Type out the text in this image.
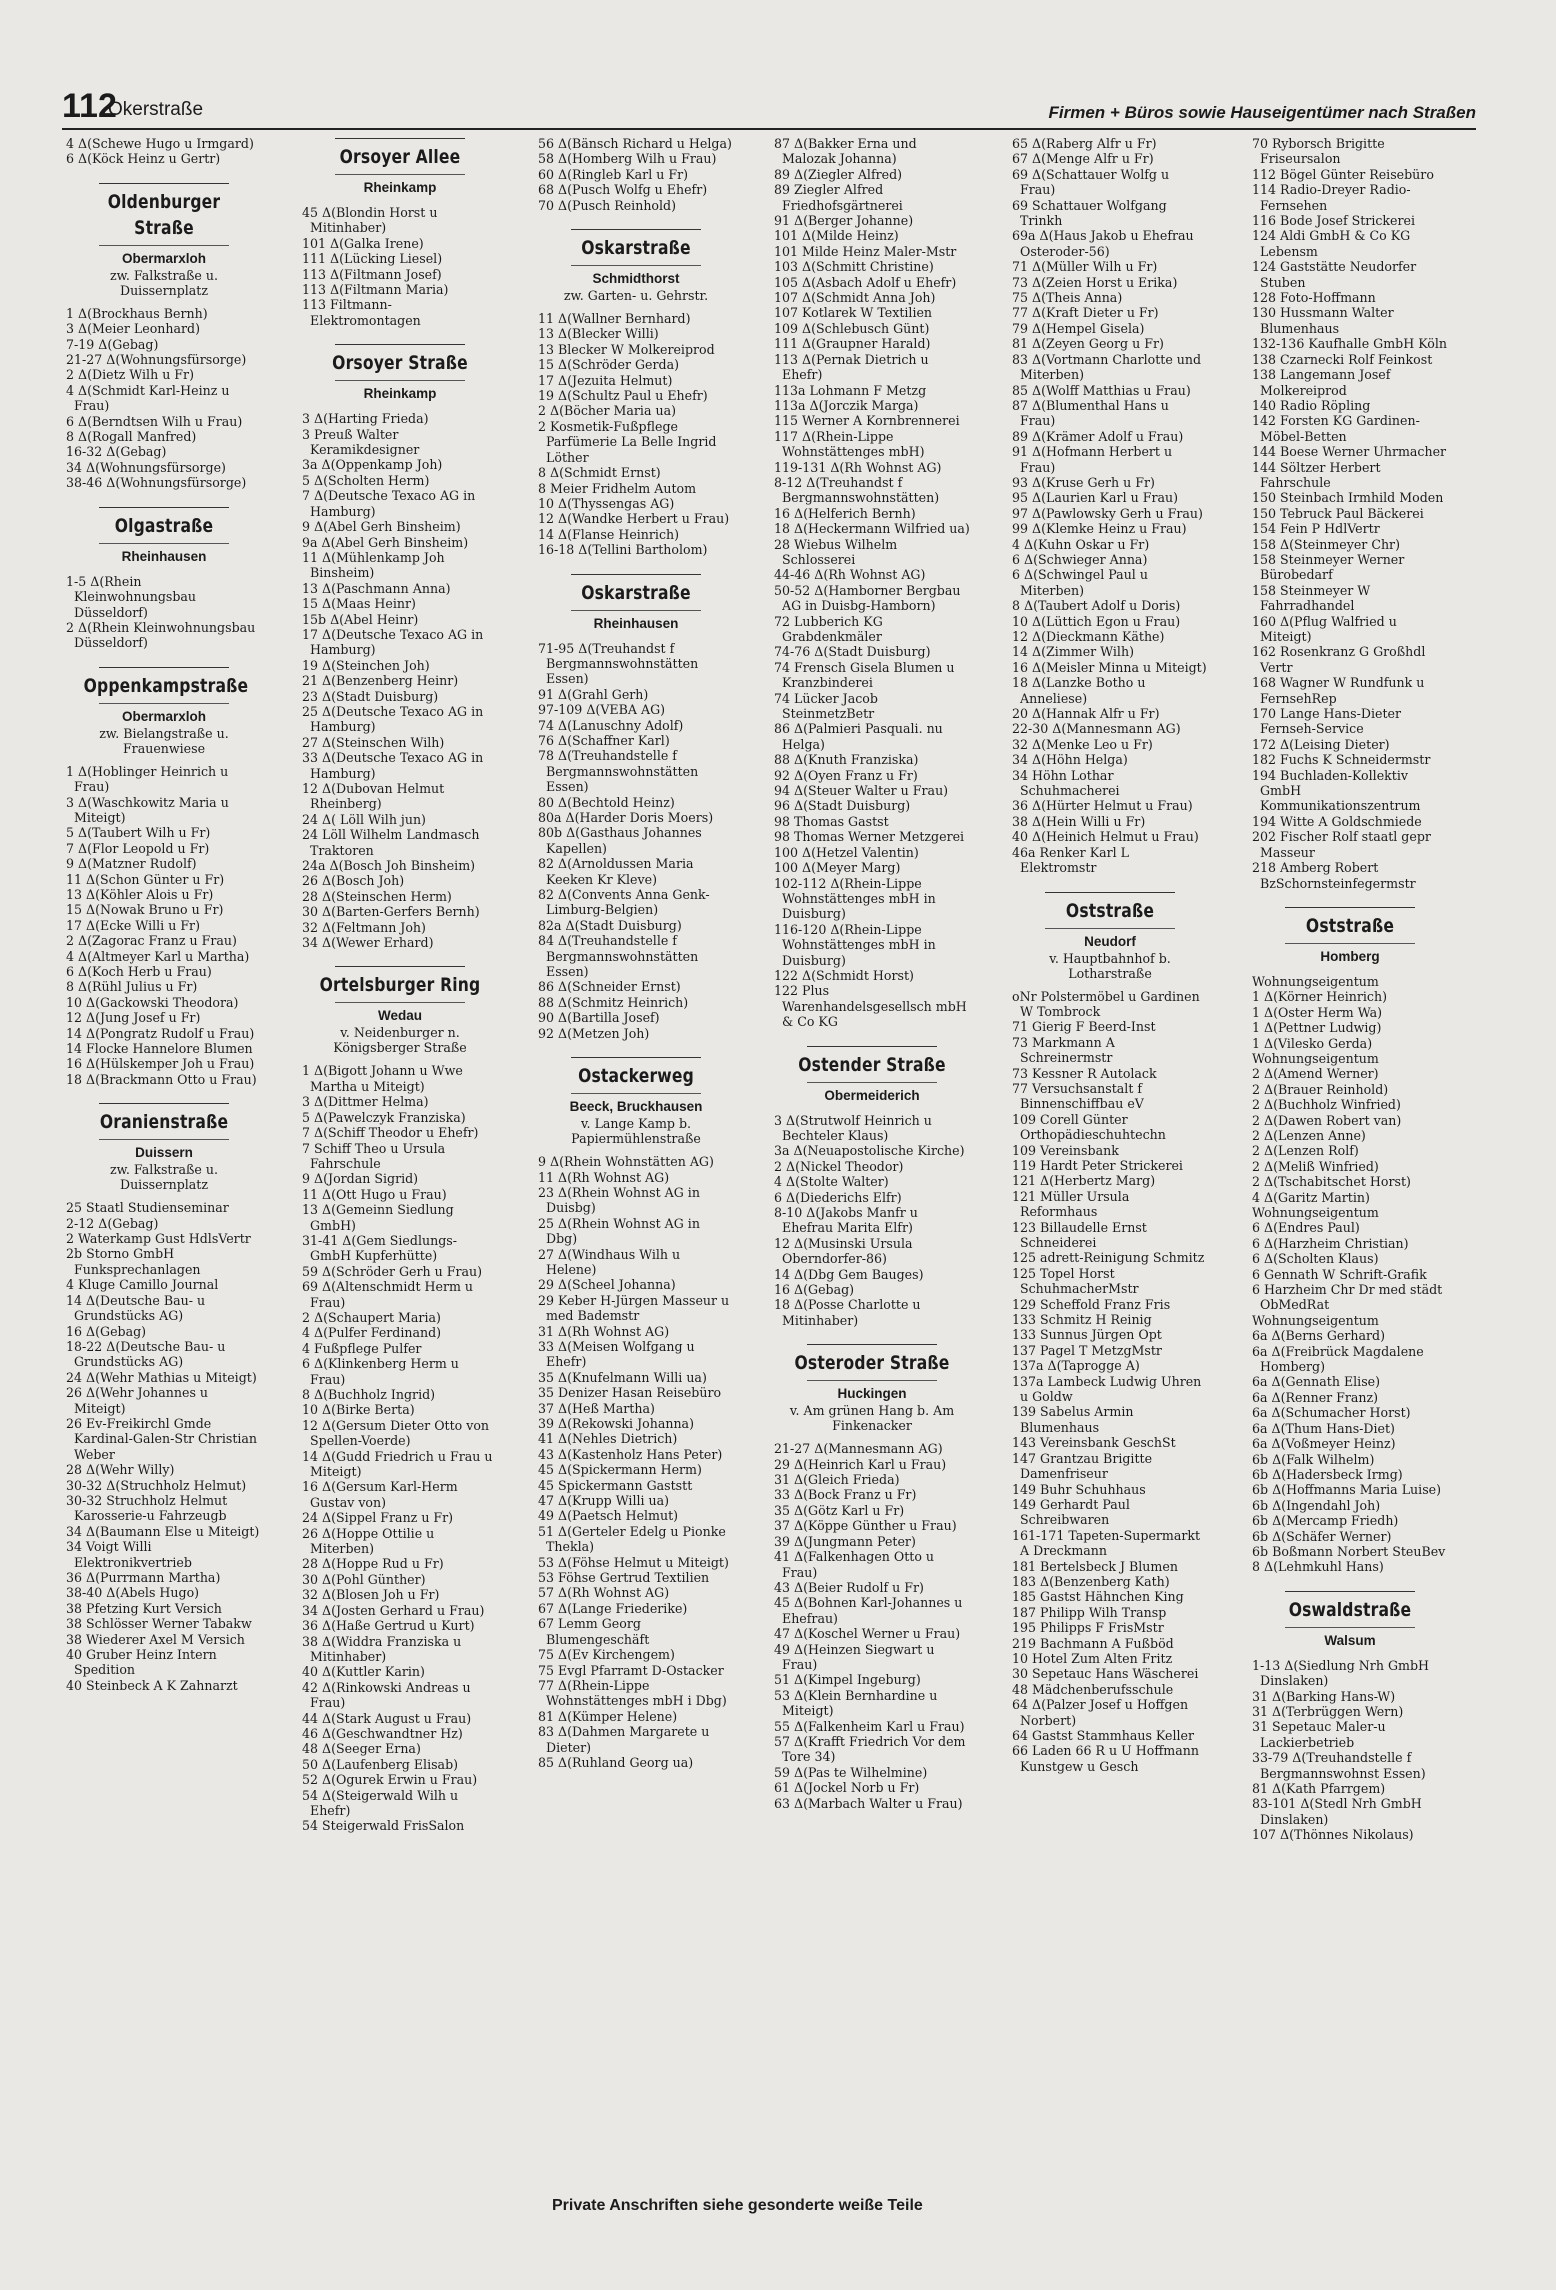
112
Okerstraße	Firmen + Büros sowie Hauseigentümer nach Straßen

4 Δ(Schewe Hugo u Irmgard)

6 Δ(Köck Heinz u Gertr)

Oldenburger Straße
Obermarxloh
zw. Falkstraße u. Duissernplatz

1 Δ(Brockhaus Bernh)

3 Δ(Meier Leonhard)

7-19 Δ(Gebag)

21-27 Δ(Wohnungsfürsorge)

2 Δ(Dietz Wilh u Fr)

4 Δ(Schmidt Karl-Heinz u Frau)

6 Δ(Berndtsen Wilh u Frau)

8 Δ(Rogall Manfred)

16-32 Δ(Gebag)

34 Δ(Wohnungsfürsorge)

38-46 Δ(Wohnungsfürsorge)

Olgastraße
Rheinhausen

1-5 Δ(Rhein Kleinwohnungsbau Düsseldorf)

2 Δ(Rhein Kleinwohnungsbau Düsseldorf)

Oppenkampstraße
Obermarxloh
zw. Bielangstraße u. Frauenwiese

1 Δ(Hoblinger Heinrich u Frau)

3 Δ(Waschkowitz Maria u Miteigt)

5 Δ(Taubert Wilh u Fr)

7 Δ(Flor Leopold u Fr)

9 Δ(Matzner Rudolf)

11 Δ(Schon Günter u Fr)

13 Δ(Köhler Alois u Fr)

15 Δ(Nowak Bruno u Fr)

17 Δ(Ecke Willi u Fr)

2 Δ(Zagorac Franz u Frau)

4 Δ(Altmeyer Karl u Martha)

6 Δ(Koch Herb u Frau)

8 Δ(Rühl Julius u Fr)

10 Δ(Gackowski Theodora)

12 Δ(Jung Josef u Fr)

14 Δ(Pongratz Rudolf u Frau)

14 Flocke Hannelore Blumen

16 Δ(Hülskemper Joh u Frau)

18 Δ(Brackmann Otto u Frau)

Oranienstraße
Duissern
zw. Falkstraße u. Duissernplatz

25 Staatl Studienseminar

2-12 Δ(Gebag)

2 Waterkamp Gust HdlsVertr

2b Storno GmbH Funksprechanlagen

4 Kluge Camillo Journal

14 Δ(Deutsche Bau- u Grundstücks AG)

16 Δ(Gebag)

18-22 Δ(Deutsche Bau- u Grundstücks AG)

24 Δ(Wehr Mathias u Miteigt)

26 Δ(Wehr Johannes u Miteigt)

26 Ev-Freikirchl Gmde Kardinal-Galen-Str Christian Weber

28 Δ(Wehr Willy)

30-32 Δ(Struchholz Helmut)

30-32 Struchholz Helmut Karosserie-u Fahrzeugb

34 Δ(Baumann Else u Miteigt)

34 Voigt Willi Elektronikvertrieb

36 Δ(Purrmann Martha)

38-40 Δ(Abels Hugo)

38 Pfetzing Kurt Versich

38 Schlösser Werner Tabakw

38 Wiederer Axel M Versich

40 Gruber Heinz Intern Spedition

40 Steinbeck A K Zahnarzt

Orsoyer Allee
Rheinkamp

45 Δ(Blondin Horst u Mitinhaber)

101 Δ(Galka Irene)

111 Δ(Lücking Liesel)

113 Δ(Filtmann Josef)

113 Δ(Filtmann Maria)

113 Filtmann-Elektromontagen

Orsoyer Straße
Rheinkamp

3 Δ(Harting Frieda)

3 Preuß Walter Keramikdesigner

3a Δ(Oppenkamp Joh)

5 Δ(Scholten Herm)

7 Δ(Deutsche Texaco AG in Hamburg)

9 Δ(Abel Gerh Binsheim)

9a Δ(Abel Gerh Binsheim)

11 Δ(Mühlenkamp Joh Binsheim)

13 Δ(Paschmann Anna)

15 Δ(Maas Heinr)

15b Δ(Abel Heinr)

17 Δ(Deutsche Texaco AG in Hamburg)

19 Δ(Steinchen Joh)

21 Δ(Benzenberg Heinr)

23 Δ(Stadt Duisburg)

25 Δ(Deutsche Texaco AG in Hamburg)

27 Δ(Steinschen Wilh)

33 Δ(Deutsche Texaco AG in Hamburg)

12 Δ(Dubovan Helmut Rheinberg)

24 Δ( Löll Wilh jun)

24 Löll Wilhelm Landmasch Traktoren

24a Δ(Bosch Joh Binsheim)

26 Δ(Bosch Joh)

28 Δ(Steinschen Herm)

30 Δ(Barten-Gerfers Bernh)

32 Δ(Feltmann Joh)

34 Δ(Wewer Erhard)

Ortelsburger Ring
Wedau
v. Neidenburger n. Königsberger Straße

1 Δ(Bigott Johann u Wwe Martha u Miteigt)

3 Δ(Dittmer Helma)

5 Δ(Pawelczyk Franziska)

7 Δ(Schiff Theodor u Ehefr)

7 Schiff Theo u Ursula Fahrschule

9 Δ(Jordan Sigrid)

11 Δ(Ott Hugo u Frau)

13 Δ(Gemeinn Siedlung GmbH)

31-41 Δ(Gem Siedlungs-GmbH Kupferhütte)

59 Δ(Schröder Gerh u Frau)

69 Δ(Altenschmidt Herm u Frau)

2 Δ(Schaupert Maria)

4 Δ(Pulfer Ferdinand)

4 Fußpflege Pulfer

6 Δ(Klinkenberg Herm u Frau)

8 Δ(Buchholz Ingrid)

10 Δ(Birke Berta)

12 Δ(Gersum Dieter Otto von Spellen-Voerde)

14 Δ(Gudd Friedrich u Frau u Miteigt)

16 Δ(Gersum Karl-Herm Gustav von)

24 Δ(Sippel Franz u Fr)

26 Δ(Hoppe Ottilie u Miterben)

28 Δ(Hoppe Rud u Fr)

30 Δ(Pohl Günther)

32 Δ(Blosen Joh u Fr)

34 Δ(Josten Gerhard u Frau)

36 Δ(Haße Gertrud u Kurt)

38 Δ(Widdra Franziska u Mitinhaber)

40 Δ(Kuttler Karin)

42 Δ(Rinkowski Andreas u Frau)

44 Δ(Stark August u Frau)

46 Δ(Geschwandtner Hz)

48 Δ(Seeger Erna)

50 Δ(Laufenberg Elisab)

52 Δ(Ogurek Erwin u Frau)

54 Δ(Steigerwald Wilh u Ehefr)

54 Steigerwald FrisSalon

56 Δ(Bänsch Richard u Helga)

58 Δ(Homberg Wilh u Frau)

60 Δ(Ringleb Karl u Fr)

68 Δ(Pusch Wolfg u Ehefr)

70 Δ(Pusch Reinhold)

Oskarstraße
Schmidthorst
zw. Garten- u. Gehrstr.

11 Δ(Wallner Bernhard)

13 Δ(Blecker Willi)

13 Blecker W Molkereiprod

15 Δ(Schröder Gerda)

17 Δ(Jezuita Helmut)

19 Δ(Schultz Paul u Ehefr)

2 Δ(Böcher Maria ua)

2 Kosmetik-Fußpflege Parfümerie La Belle Ingrid Löther

8 Δ(Schmidt Ernst)

8 Meier Fridhelm Autom

10 Δ(Thyssengas AG)

12 Δ(Wandke Herbert u Frau)

14 Δ(Flanse Heinrich)

16-18 Δ(Tellini Bartholom)

Oskarstraße
Rheinhausen

71-95 Δ(Treuhandst f Bergmannswohnstätten Essen)

91 Δ(Grahl Gerh)

97-109 Δ(VEBA AG)

74 Δ(Lanuschny Adolf)

76 Δ(Schaffner Karl)

78 Δ(Treuhandstelle f Bergmannswohnstätten Essen)

80 Δ(Bechtold Heinz)

80a Δ(Harder Doris Moers)

80b Δ(Gasthaus Johannes Kapellen)

82 Δ(Arnoldussen Maria Keeken Kr Kleve)

82 Δ(Convents Anna Genk-Limburg-Belgien)

82a Δ(Stadt Duisburg)

84 Δ(Treuhandstelle f Bergmannswohnstätten Essen)

86 Δ(Schneider Ernst)

88 Δ(Schmitz Heinrich)

90 Δ(Bartilla Josef)

92 Δ(Metzen Joh)

Ostackerweg
Beeck, Bruckhausen
v. Lange Kamp b. Papiermühlenstraße

9 Δ(Rhein Wohnstätten AG)

11 Δ(Rh Wohnst AG)

23 Δ(Rhein Wohnst AG in Duisbg)

25 Δ(Rhein Wohnst AG in Dbg)

27 Δ(Windhaus Wilh u Helene)

29 Δ(Scheel Johanna)

29 Keber H-Jürgen Masseur u med Bademstr

31 Δ(Rh Wohnst AG)

33 Δ(Meisen Wolfgang u Ehefr)

35 Δ(Knufelmann Willi ua)

35 Denizer Hasan Reisebüro

37 Δ(Heß Martha)

39 Δ(Rekowski Johanna)

41 Δ(Nehles Dietrich)

43 Δ(Kastenholz Hans Peter)

45 Δ(Spickermann Herm)

45 Spickermann Gaststt

47 Δ(Krupp Willi ua)

49 Δ(Paetsch Helmut)

51 Δ(Gerteler Edelg u Pionke Thekla)

53 Δ(Föhse Helmut u Miteigt)

53 Föhse Gertrud Textilien

57 Δ(Rh Wohnst AG)

67 Δ(Lange Friederike)

67 Lemm Georg Blumengeschäft

75 Δ(Ev Kirchengem)

75 Evgl Pfarramt D-Ostacker

77 Δ(Rhein-Lippe Wohnstättenges mbH i Dbg)

81 Δ(Kümper Helene)

83 Δ(Dahmen Margarete u Dieter)

85 Δ(Ruhland Georg ua)

87 Δ(Bakker Erna und Malozak Johanna)

89 Δ(Ziegler Alfred)

89 Ziegler Alfred Friedhofsgärtnerei

91 Δ(Berger Johanne)

101 Δ(Milde Heinz)

101 Milde Heinz Maler-Mstr

103 Δ(Schmitt Christine)

105 Δ(Asbach Adolf u Ehefr)

107 Δ(Schmidt Anna Joh)

107 Kotlarek W Textilien

109 Δ(Schlebusch Günt)

111 Δ(Graupner Harald)

113 Δ(Pernak Dietrich u Ehefr)

113a Lohmann F Metzg

113a Δ(Jorczik Marga)

115 Werner A Kornbrennerei

117 Δ(Rhein-Lippe Wohnstättenges mbH)

119-131 Δ(Rh Wohnst AG)

8-12 Δ(Treuhandst f Bergmannswohnstätten)

16 Δ(Helferich Bernh)

18 Δ(Heckermann Wilfried ua)

28 Wiebus Wilhelm Schlosserei

44-46 Δ(Rh Wohnst AG)

50-52 Δ(Hamborner Bergbau AG in Duisbg-Hamborn)

72 Lubberich KG Grabdenkmäler

74-76 Δ(Stadt Duisburg)

74 Frensch Gisela Blumen u Kranzbinderei

74 Lücker Jacob SteinmetzBetr

86 Δ(Palmieri Pasquali. nu Helga)

88 Δ(Knuth Franziska)

92 Δ(Oyen Franz u Fr)

94 Δ(Steuer Walter u Frau)

96 Δ(Stadt Duisburg)

98 Thomas Gastst

98 Thomas Werner Metzgerei

100 Δ(Hetzel Valentin)

100 Δ(Meyer Marg)

102-112 Δ(Rhein-Lippe Wohnstättenges mbH in Duisburg)

116-120 Δ(Rhein-Lippe Wohnstättenges mbH in Duisburg)

122 Δ(Schmidt Horst)

122 Plus Warenhandelsgesellsch mbH & Co KG

Ostender Straße
Obermeiderich

3 Δ(Strutwolf Heinrich u Bechteler Klaus)

3a Δ(Neuapostolische Kirche)

2 Δ(Nickel Theodor)

4 Δ(Stolte Walter)

6 Δ(Diederichs Elfr)

8-10 Δ(Jakobs Manfr u Ehefrau Marita Elfr)

12 Δ(Musinski Ursula Oberndorfer-86)

14 Δ(Dbg Gem Bauges)

16 Δ(Gebag)

18 Δ(Posse Charlotte u Mitinhaber)

Osteroder Straße
Huckingen
v. Am grünen Hang b. Am Finkenacker

21-27 Δ(Mannesmann AG)

29 Δ(Heinrich Karl u Frau)

31 Δ(Gleich Frieda)

33 Δ(Bock Franz u Fr)

35 Δ(Götz Karl u Fr)

37 Δ(Köppe Günther u Frau)

39 Δ(Jungmann Peter)

41 Δ(Falkenhagen Otto u Frau)

43 Δ(Beier Rudolf u Fr)

45 Δ(Bohnen Karl-Johannes u Ehefrau)

47 Δ(Koschel Werner u Frau)

49 Δ(Heinzen Siegwart u Frau)

51 Δ(Kimpel Ingeburg)

53 Δ(Klein Bernhardine u Miteigt)

55 Δ(Falkenheim Karl u Frau)

57 Δ(Krafft Friedrich Vor dem Tore 34)

59 Δ(Pas te Wilhelmine)

61 Δ(Jockel Norb u Fr)

63 Δ(Marbach Walter u Frau)

65 Δ(Raberg Alfr u Fr)

67 Δ(Menge Alfr u Fr)

69 Δ(Schattauer Wolfg u Frau)

69 Schattauer Wolfgang Trinkh

69a Δ(Haus Jakob u Ehefrau Osteroder-56)

71 Δ(Müller Wilh u Fr)

73 Δ(Zeien Horst u Erika)

75 Δ(Theis Anna)

77 Δ(Kraft Dieter u Fr)

79 Δ(Hempel Gisela)

81 Δ(Zeyen Georg u Fr)

83 Δ(Vortmann Charlotte und Miterben)

85 Δ(Wolff Matthias u Frau)

87 Δ(Blumenthal Hans u Frau)

89 Δ(Krämer Adolf u Frau)

91 Δ(Hofmann Herbert u Frau)

93 Δ(Kruse Gerh u Fr)

95 Δ(Laurien Karl u Frau)

97 Δ(Pawlowsky Gerh u Frau)

99 Δ(Klemke Heinz u Frau)

4 Δ(Kuhn Oskar u Fr)

6 Δ(Schwieger Anna)

6 Δ(Schwingel Paul u Miterben)

8 Δ(Taubert Adolf u Doris)

10 Δ(Lüttich Egon u Frau)

12 Δ(Dieckmann Käthe)

14 Δ(Zimmer Wilh)

16 Δ(Meisler Minna u Miteigt)

18 Δ(Lanzke Botho u Anneliese)

20 Δ(Hannak Alfr u Fr)

22-30 Δ(Mannesmann AG)

32 Δ(Menke Leo u Fr)

34 Δ(Höhn Helga)

34 Höhn Lothar Schuhmacherei

36 Δ(Hürter Helmut u Frau)

38 Δ(Hein Willi u Fr)

40 Δ(Heinich Helmut u Frau)

46a Renker Karl L Elektromstr

Oststraße
Neudorf
v. Hauptbahnhof b. Lotharstraße

oNr Polstermöbel u Gardinen W Tombrock

71 Gierig F Beerd-Inst

73 Markmann A Schreinermstr

73 Kessner R Autolack

77 Versuchsanstalt f Binnenschiffbau eV

109 Corell Günter Orthopädieschuhtechn

109 Vereinsbank

119 Hardt Peter Strickerei

121 Δ(Herbertz Marg)

121 Müller Ursula Reformhaus

123 Billaudelle Ernst Schneiderei

125 adrett-Reinigung Schmitz

125 Topel Horst SchuhmacherMstr

129 Scheffold Franz Fris

133 Schmitz H Reinig

133 Sunnus Jürgen Opt

137 Pagel T MetzgMstr

137a Δ(Taprogge A)

137a Lambeck Ludwig Uhren u Goldw

139 Sabelus Armin Blumenhaus

143 Vereinsbank GeschSt

147 Grantzau Brigitte Damenfriseur

149 Buhr Schuhhaus

149 Gerhardt Paul Schreibwaren

161-171 Tapeten-Supermarkt A Dreckmann

181 Bertelsbeck J Blumen

183 Δ(Benzenberg Kath)

185 Gastst Hähnchen King

187 Philipp Wilh Transp

195 Philipps F FrisMstr

219 Bachmann A Fußböd

10 Hotel Zum Alten Fritz

30 Sepetauc Hans Wäscherei

48 Mädchenberufsschule

64 Δ(Palzer Josef u Hoffgen Norbert)

64 Gastst Stammhaus Keller

66 Laden 66 R u U Hoffmann Kunstgew u Gesch

70 Ryborsch Brigitte Friseursalon

112 Bögel Günter Reisebüro

114 Radio-Dreyer Radio-Fernsehen

116 Bode Josef Strickerei

124 Aldi GmbH & Co KG Lebensm

124 Gaststätte Neudorfer Stuben

128 Foto-Hoffmann

130 Hussmann Walter Blumenhaus

132-136 Kaufhalle GmbH Köln

138 Czarnecki Rolf Feinkost

138 Langemann Josef Molkereiprod

140 Radio Röpling

142 Forsten KG Gardinen-Möbel-Betten

144 Boese Werner Uhrmacher

144 Söltzer Herbert Fahrschule

150 Steinbach Irmhild Moden

150 Tebruck Paul Bäckerei

154 Fein P HdlVertr

158 Δ(Steinmeyer Chr)

158 Steinmeyer Werner Bürobedarf

158 Steinmeyer W Fahrradhandel

160 Δ(Pflug Walfried u Miteigt)

162 Rosenkranz G Großhdl Vertr

168 Wagner W Rundfunk u FernsehRep

170 Lange Hans-Dieter Fernseh-Service

172 Δ(Leising Dieter)

182 Fuchs K Schneidermstr

194 Buchladen-Kollektiv GmbH Kommunikationszentrum

194 Witte A Goldschmiede

202 Fischer Rolf staatl gepr Masseur

218 Amberg Robert BzSchornsteinfegermstr

Oststraße
Homberg

Wohnungseigentum

1 Δ(Körner Heinrich)

1 Δ(Oster Herm Wa)

1 Δ(Pettner Ludwig)

1 Δ(Vilesko Gerda)

Wohnungseigentum

2 Δ(Amend Werner)

2 Δ(Brauer Reinhold)

2 Δ(Buchholz Winfried)

2 Δ(Dawen Robert van)

2 Δ(Lenzen Anne)

2 Δ(Lenzen Rolf)

2 Δ(Meliß Winfried)

2 Δ(Tschabitschet Horst)

4 Δ(Garitz Martin)

Wohnungseigentum

6 Δ(Endres Paul)

6 Δ(Harzheim Christian)

6 Δ(Scholten Klaus)

6 Gennath W Schrift-Grafik

6 Harzheim Chr Dr med städt ObMedRat

Wohnungseigentum

6a Δ(Berns Gerhard)

6a Δ(Freibrück Magdalene Homberg)

6a Δ(Gennath Elise)

6a Δ(Renner Franz)

6a Δ(Schumacher Horst)

6a Δ(Thum Hans-Diet)

6a Δ(Voßmeyer Heinz)

6b Δ(Falk Wilhelm)

6b Δ(Hadersbeck Irmg)

6b Δ(Hoffmanns Maria Luise)

6b Δ(Ingendahl Joh)

6b Δ(Mercamp Friedh)

6b Δ(Schäfer Werner)

6b Boßmann Norbert SteuBev

8 Δ(Lehmkuhl Hans)

Oswaldstraße
Walsum

1-13 Δ(Siedlung Nrh GmbH Dinslaken)

31 Δ(Barking Hans-W)

31 Δ(Terbrüggen Wern)

31 Sepetauc Maler-u Lackierbetrieb

33-79 Δ(Treuhandstelle f Bergmannswohnst Essen)

81 Δ(Kath Pfarrgem)

83-101 Δ(Stedl Nrh GmbH Dinslaken)

107 Δ(Thönnes Nikolaus)

Private Anschriften siehe gesonderte weiße Teile
